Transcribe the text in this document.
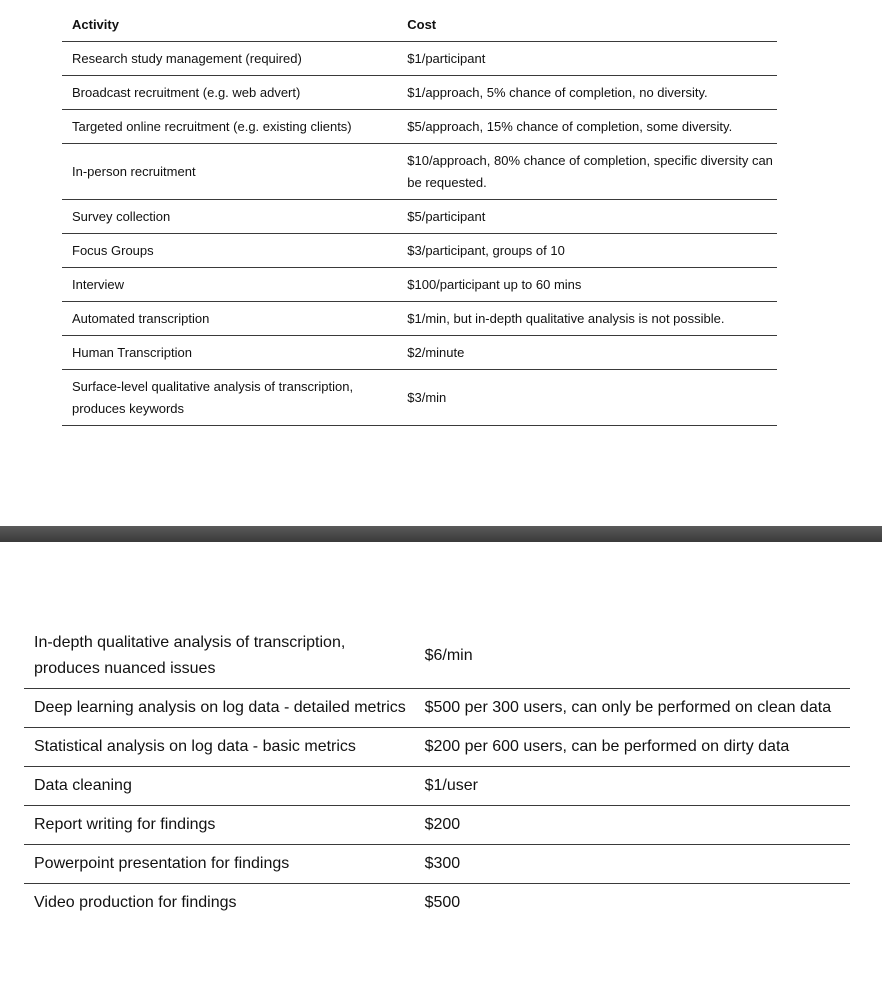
Activity	Cost
Research study management (required)	$1/participant
Broadcast recruitment (e.g. web advert)	$1/approach, 5% chance of completion, no diversity.
Targeted online recruitment (e.g. existing clients)	$5/approach, 15% chance of completion, some diversity.
In-person recruitment	$10/approach, 80% chance of completion, specific diversity can be requested.
Survey collection	$5/participant
Focus Groups	$3/participant, groups of 10
Interview	$100/participant up to 60 mins
Automated transcription	$1/min, but in-depth qualitative analysis is not possible.
Human Transcription	$2/minute
Surface-level qualitative analysis of transcription, produces keywords	$3/min
In-depth qualitative analysis of transcription, produces nuanced issues	$6/min
Deep learning analysis on log data - detailed metrics	$500 per 300 users, can only be performed on clean data
Statistical analysis on log data - basic metrics	$200 per 600 users, can be performed on dirty data
Data cleaning	$1/user
Report writing for findings	$200
Powerpoint presentation for findings	$300
Video production for findings	$500
